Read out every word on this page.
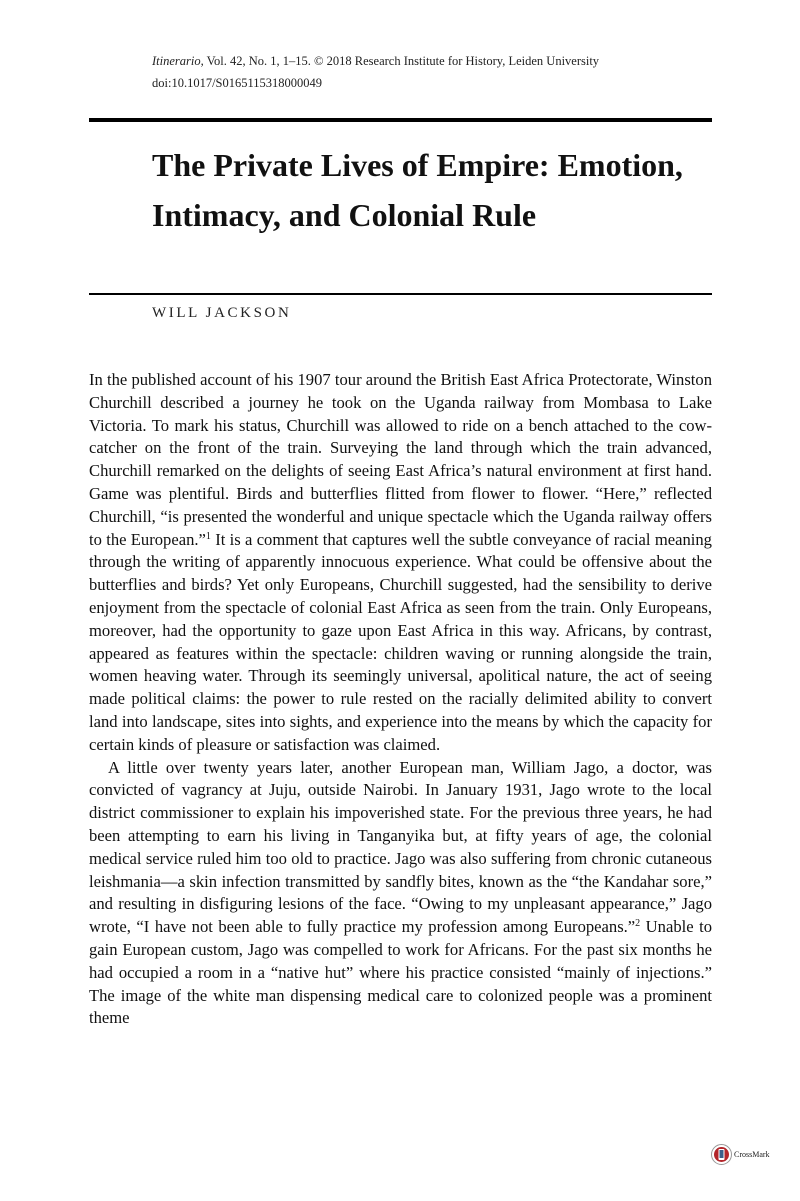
Itinerario, Vol. 42, No. 1, 1–15. © 2018 Research Institute for History, Leiden University
doi:10.1017/S0165115318000049
The Private Lives of Empire: Emotion,
Intimacy, and Colonial Rule
WILL JACKSON

In the published account of his 1907 tour around the British East Africa Protectorate, Winston Churchill described a journey he took on the Uganda railway from Mombasa to Lake Victoria. To mark his status, Churchill was allowed to ride on a bench attached to the cow-catcher on the front of the train. Surveying the land through which the train advanced, Churchill remarked on the delights of seeing East Africa’s natural environment at first hand. Game was plentiful. Birds and butterflies flitted from flower to flower. “Here,” reflected Churchill, “is presented the wonderful and unique spectacle which the Uganda railway offers to the European.”$^1$ It is a comment that captures well the subtle conveyance of racial meaning through the writing of apparently innocuous experience. What could be offensive about the butterflies and birds? Yet only Europeans, Churchill suggested, had the sensibility to derive enjoyment from the spectacle of colonial East Africa as seen from the train. Only Europeans, moreover, had the opportunity to gaze upon East Africa in this way. Africans, by contrast, appeared as features within the spectacle: children waving or running alongside the train, women heaving water. Through its seemingly universal, apolitical nature, the act of seeing made political claims: the power to rule rested on the racially delimited ability to convert land into landscape, sites into sights, and experience into the means by which the capacity for certain kinds of pleasure or satisfaction was claimed.

A little over twenty years later, another European man, William Jago, a doctor, was convicted of vagrancy at Juju, outside Nairobi. In January 1931, Jago wrote to the local district commissioner to explain his impoverished state. For the previous three years, he had been attempting to earn his living in Tanganyika but, at fifty years of age, the colonial medical service ruled him too old to practice. Jago was also suffering from chronic cutaneous leishmania—a skin infection transmitted by sandfly bites, known as the “the Kandahar sore,” and resulting in disfiguring lesions of the face. “Owing to my unpleasant appearance,” Jago wrote, “I have not been able to fully practice my profession among Europeans.”$^2$ Unable to gain European custom, Jago was compelled to work for Africans. For the past six months he had occupied a room in a “native hut” where his practice consisted “mainly of injections.” The image of the white man dispensing medical care to colonized people was a prominent theme

CrossMark
